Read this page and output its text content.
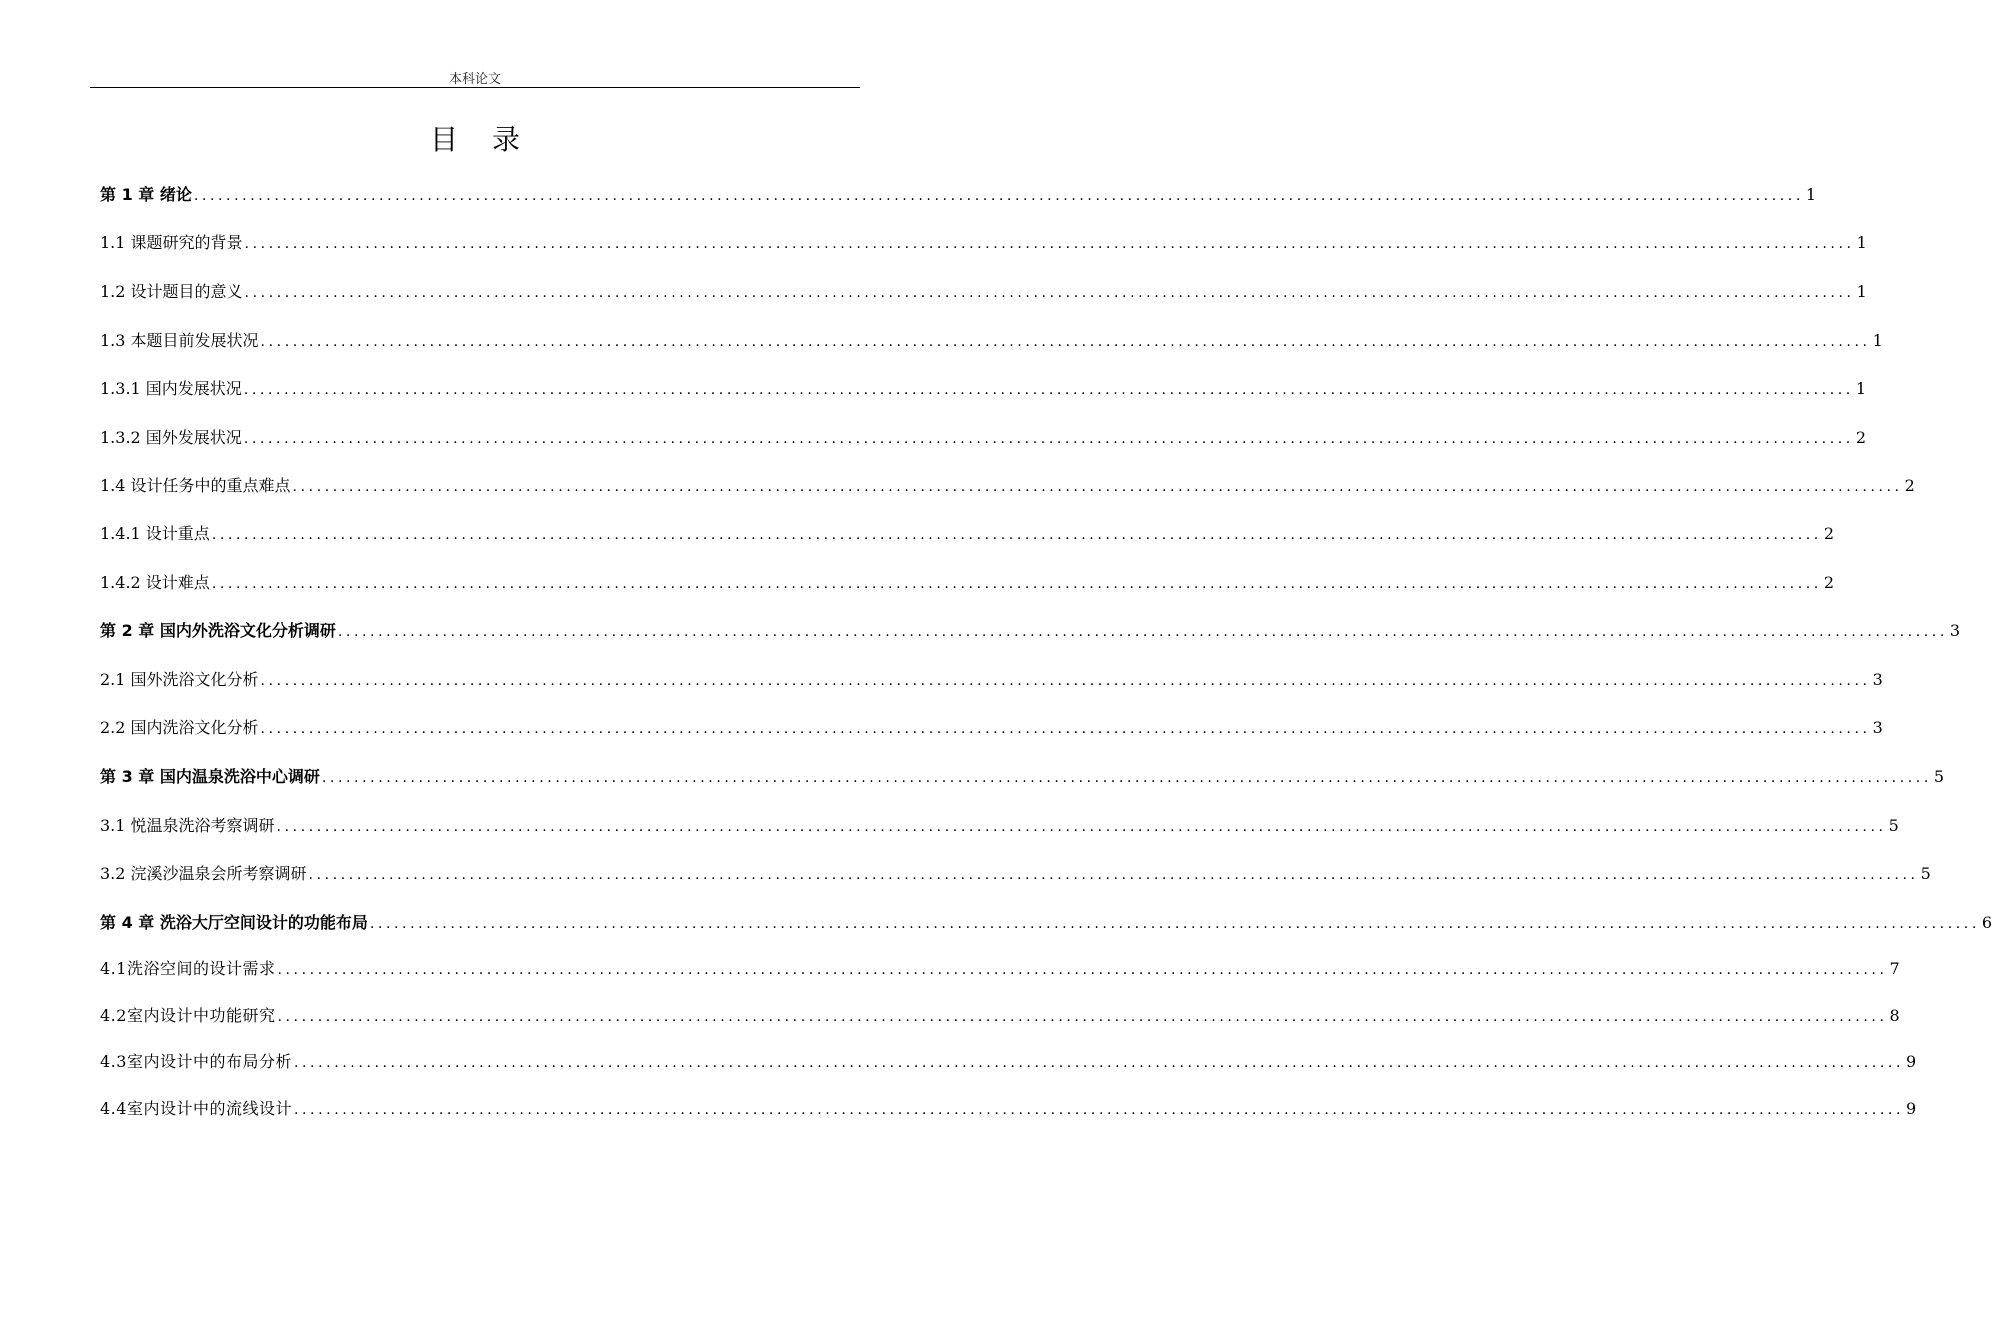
本科论文
目录
第 1 章 绪论 ........................................................................................................................................................................................................ 1
1.1 课题研究的背景 ........................................................................................................................................................................................................ 1
1.2 设计题目的意义 ........................................................................................................................................................................................................ 1
1.3 本题目前发展状况 ........................................................................................................................................................................................................ 1
1.3.1 国内发展状况 ........................................................................................................................................................................................................ 1
1.3.2 国外发展状况 ........................................................................................................................................................................................................ 2
1.4 设计任务中的重点难点 ........................................................................................................................................................................................................ 2
1.4.1 设计重点 ........................................................................................................................................................................................................ 2
1.4.2 设计难点 ........................................................................................................................................................................................................ 2
第 2 章 国内外洗浴文化分析调研 ........................................................................................................................................................................................................ 3
2.1 国外洗浴文化分析 ........................................................................................................................................................................................................ 3
2.2 国内洗浴文化分析 ........................................................................................................................................................................................................ 3
第 3 章 国内温泉洗浴中心调研 ........................................................................................................................................................................................................ 5
3.1 悦温泉洗浴考察调研 ........................................................................................................................................................................................................ 5
3.2 浣溪沙温泉会所考察调研 ........................................................................................................................................................................................................ 5
第 4 章 洗浴大厅空间设计的功能布局 ........................................................................................................................................................................................................ 6
4.1洗浴空间的设计需求 ........................................................................................................................................................................................................ 7
4.2室内设计中功能研究 ........................................................................................................................................................................................................ 8
4.3室内设计中的布局分析 ........................................................................................................................................................................................................ 9
4.4室内设计中的流线设计 ........................................................................................................................................................................................................ 9
